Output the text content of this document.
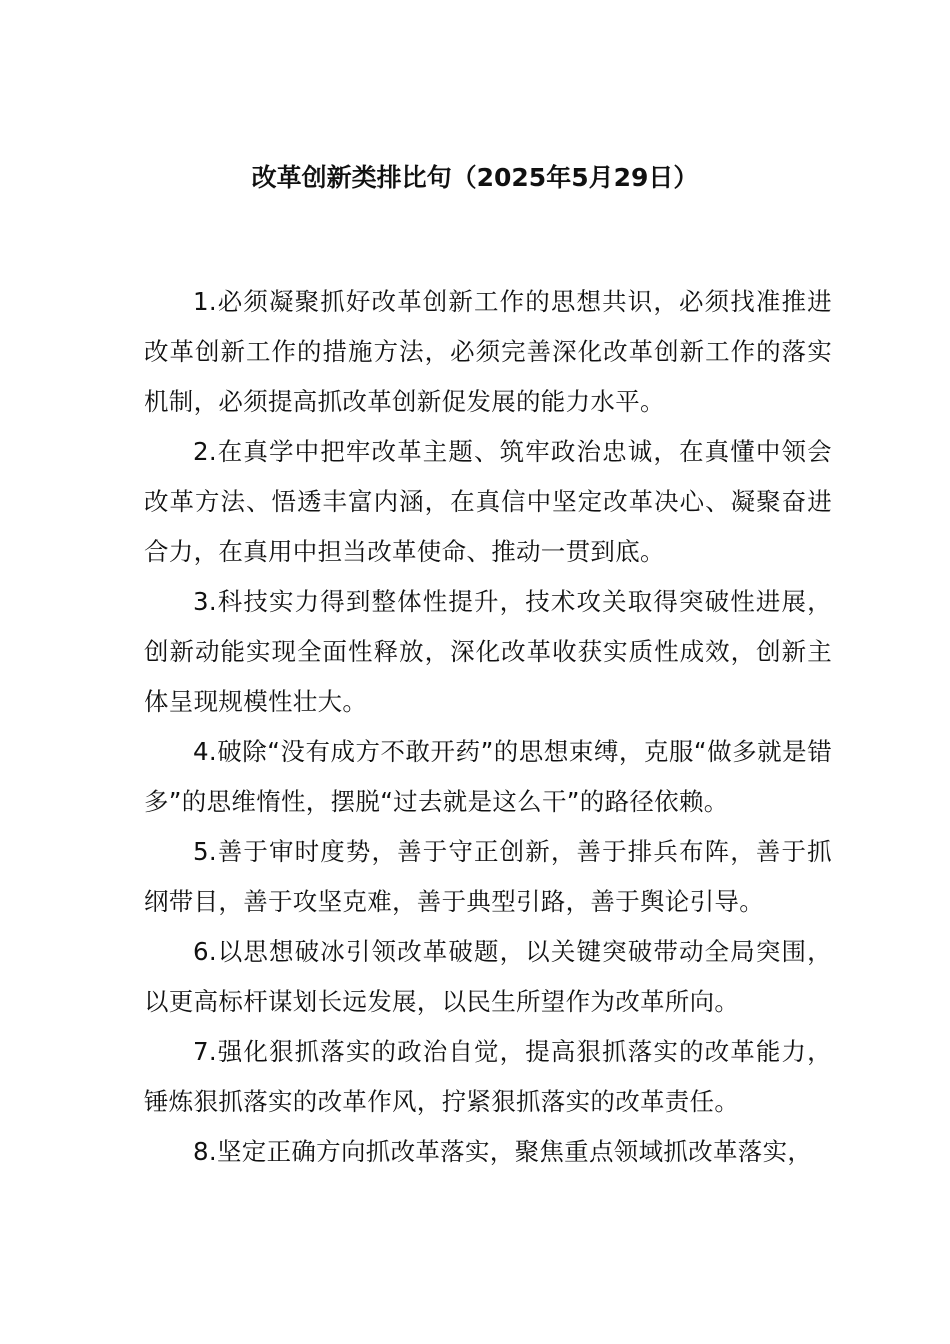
改革创新类排比句（2025年5月29日）

1.必须凝聚抓好改革创新工作的思想共识，必须找准推进改革创新工作的措施方法，必须完善深化改革创新工作的落实机制，必须提高抓改革创新促发展的能力水平。

2.在真学中把牢改革主题、筑牢政治忠诚，在真懂中领会改革方法、悟透丰富内涵，在真信中坚定改革决心、凝聚奋进合力，在真用中担当改革使命、推动一贯到底。

3.科技实力得到整体性提升，技术攻关取得突破性进展，创新动能实现全面性释放，深化改革收获实质性成效，创新主体呈现规模性壮大。

4.破除“没有成方不敢开药”的思想束缚，克服“做多就是错多”的思维惰性，摆脱“过去就是这么干”的路径依赖。

5.善于审时度势，善于守正创新，善于排兵布阵，善于抓纲带目，善于攻坚克难，善于典型引路，善于舆论引导。

6.以思想破冰引领改革破题，以关键突破带动全局突围，以更高标杆谋划长远发展，以民生所望作为改革所向。

7.强化狠抓落实的政治自觉，提高狠抓落实的改革能力，锤炼狠抓落实的改革作风，拧紧狠抓落实的改革责任。

8.坚定正确方向抓改革落实，聚焦重点领域抓改革落实，
